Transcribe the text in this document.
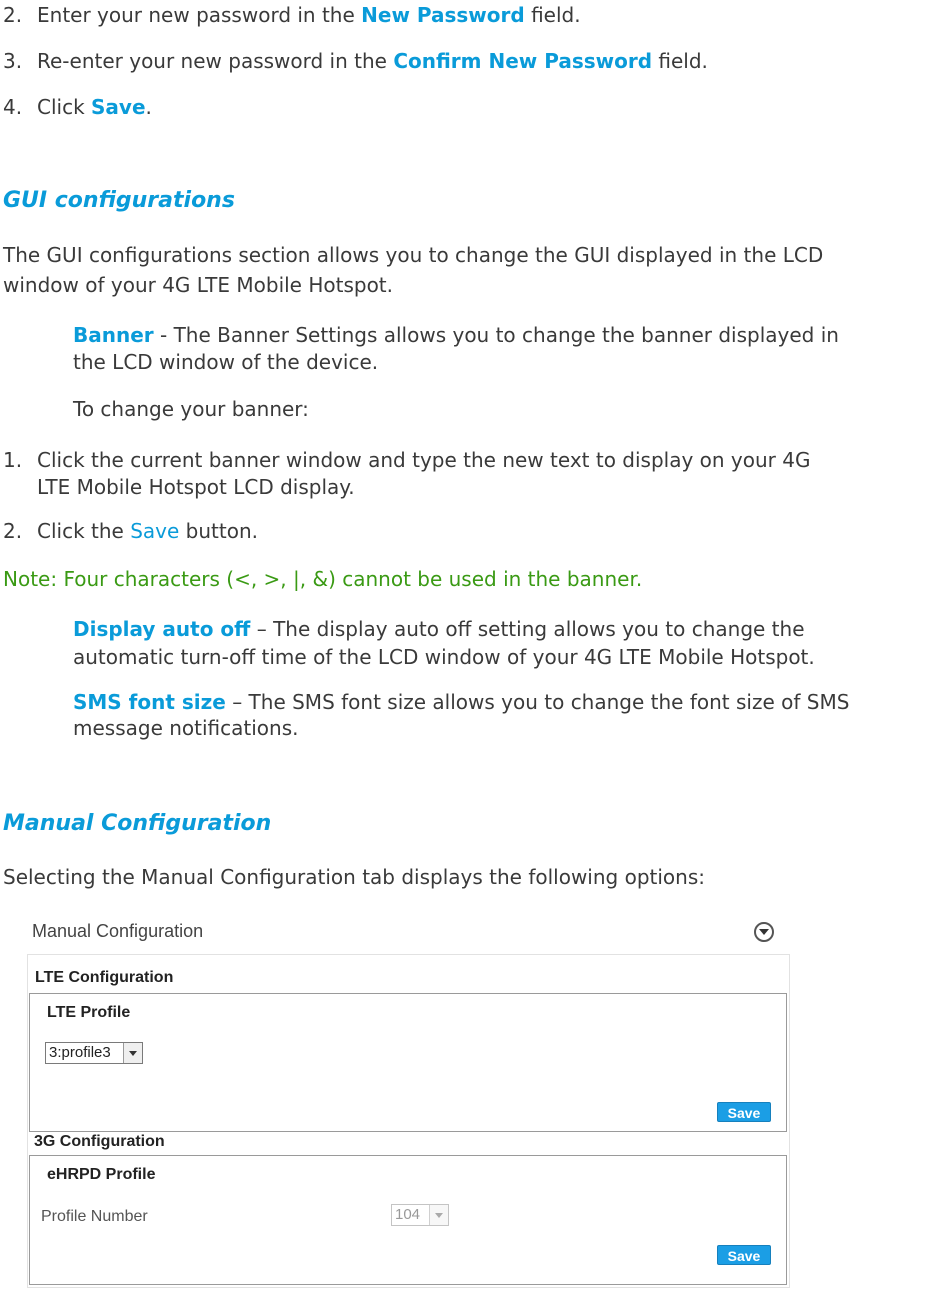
2. Enter your new password in the New Password field.
3. Re-enter your new password in the Confirm New Password field.
4. Click Save.
GUI configurations
The GUI configurations section allows you to change the GUI displayed in the LCD
window of your 4G LTE Mobile Hotspot.
Banner - The Banner Settings allows you to change the banner displayed in
the LCD window of the device.
To change your banner:
1. Click the current banner window and type the new text to display on your 4G
LTE Mobile Hotspot LCD display.
2. Click the Save button.
Note: Four characters (<, >, |, &) cannot be used in the banner.
Display auto off – The display auto off setting allows you to change the
automatic turn-off time of the LCD window of your 4G LTE Mobile Hotspot.
SMS font size – The SMS font size allows you to change the font size of SMS
message notifications.
Manual Configuration
Selecting the Manual Configuration tab displays the following options:
Manual Configuration
LTE Configuration
LTE Profile
3:profile3
Save
3G Configuration
eHRPD Profile
Profile Number	104
Save
